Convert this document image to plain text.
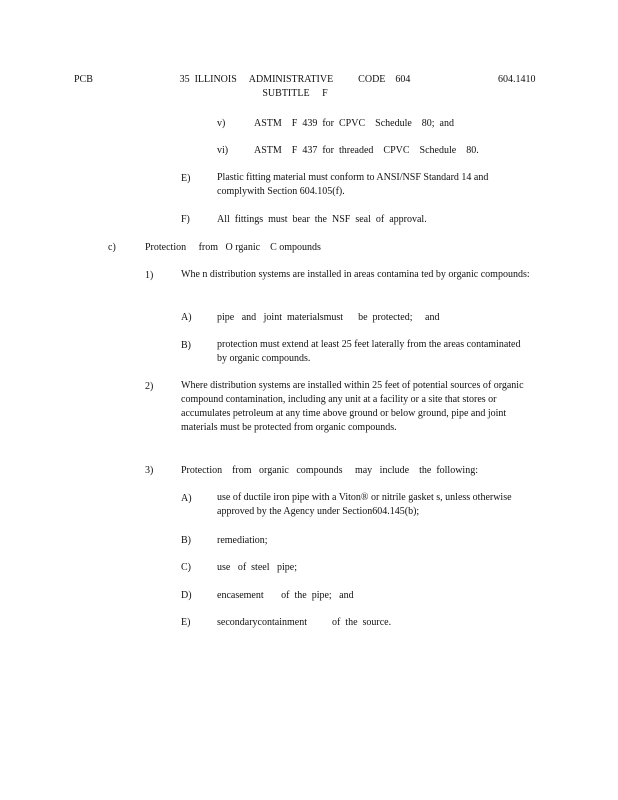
PCB	35  ILLINOIS     ADMINISTRATIVE          CODE    604
SUBTITLE     F
604.1410
v)	ASTM    F  439  for  CPVC    Schedule    80;  and
vi)	ASTM    F  437  for  threaded    CPVC    Schedule    80.
E)	Plastic fitting material must conform to ANSI/NSF Standard 14 and complywith Section 604.105(f).
F)	All  fittings  must  bear  the  NSF  seal  of  approval.
c)	Protection     from   O rganic    C ompounds
1)	Whe n distribution systems are installed in areas contamina ted by organic compounds:
A)	pipe   and   joint  materialsmust      be  protected;     and
B)	protection must extend at least 25 feet laterally from the areas contaminated by organic compounds.
2)	Where distribution systems are installed within 25 feet of potential sources of organic compound contamination, including any unit at a facility or a site that stores or accumulates petroleum at any time above ground or below ground, pipe and joint materials must be protected from organic compounds.
3)	Protection    from   organic   compounds     may   include    the  following:
A)	use of ductile iron pipe with a Viton® or nitrile gasket s, unless otherwise approved by the Agency under Section604.145(b);
B)	remediation;
C)	use   of  steel   pipe;
D)	encasement       of  the  pipe;   and
E)	secondarycontainment          of  the  source.
